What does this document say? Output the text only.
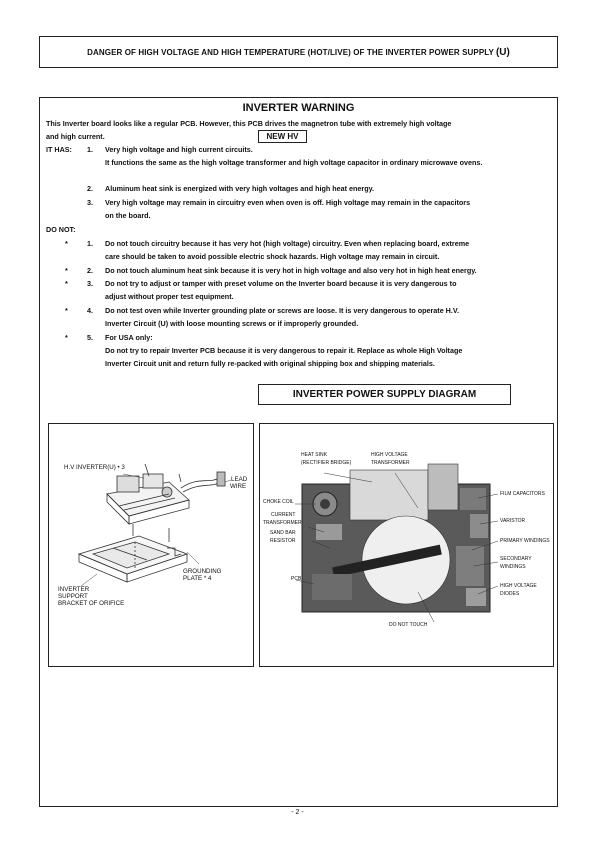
DANGER OF HIGH VOLTAGE AND HIGH TEMPERATURE (HOT/LIVE) OF THE INVERTER POWER SUPPLY (U)
INVERTER WARNING
This Inverter board looks like a regular PCB. However, this PCB drives the magnetron tube with extremely high voltage
and high current.	NEW HV
IT HAS: 1. Very high voltage and high current circuits.
It functions the same as the high voltage transformer and high voltage capacitor in ordinary microwave ovens.
2. Aluminum heat sink is energized with very high voltages and high heat energy.
3. Very high voltage may remain in circuitry even when oven is off. High voltage may remain in the capacitors
on the board.
DO NOT:
*	1. Do not touch circuitry because it has very hot (high voltage) circuitry. Even when replacing board, extreme
care should be taken to avoid possible electric shock hazards. High voltage may remain in circuit.
*	2. Do not touch aluminum heat sink because it is very hot in high voltage and also very hot in high heat energy.
*	3. Do not try to adjust or tamper with preset volume on the Inverter board because it is very dangerous to
adjust without proper test equipment.
*	4. Do not test oven while Inverter grounding plate or screws are loose. It is very dangerous to operate H.V.
Inverter Circuit (U) with loose mounting screws or if improperly grounded.
*	5. For USA only:
Do not try to repair Inverter PCB because it is very dangerous to repair it. Replace as whole High Voltage
Inverter Circuit unit and return fully re-packed with original shipping box and shipping materials.
INVERTER POWER SUPPLY DIAGRAM
H.V INVERTER(U) • 3
LEAD
WIRE
GROUNDING
PLATE * 4
INVERTER
SUPPORT
BRACKET OF ORIFICE
HEAT SINK
(RECTIFIER BRIDGE)
HIGH VOLTAGE
TRANSFORMER
CHOKE COIL
CURRENT
TRANSFORMER
SAND BAR
RESISTOR
PCB
FILM CAPACITORS
VARISTOR
PRIMARY WINDINGS
SECONDARY
WINDINGS
HIGH VOLTAGE
DIODES
DO NOT TOUCH
- 2 -
